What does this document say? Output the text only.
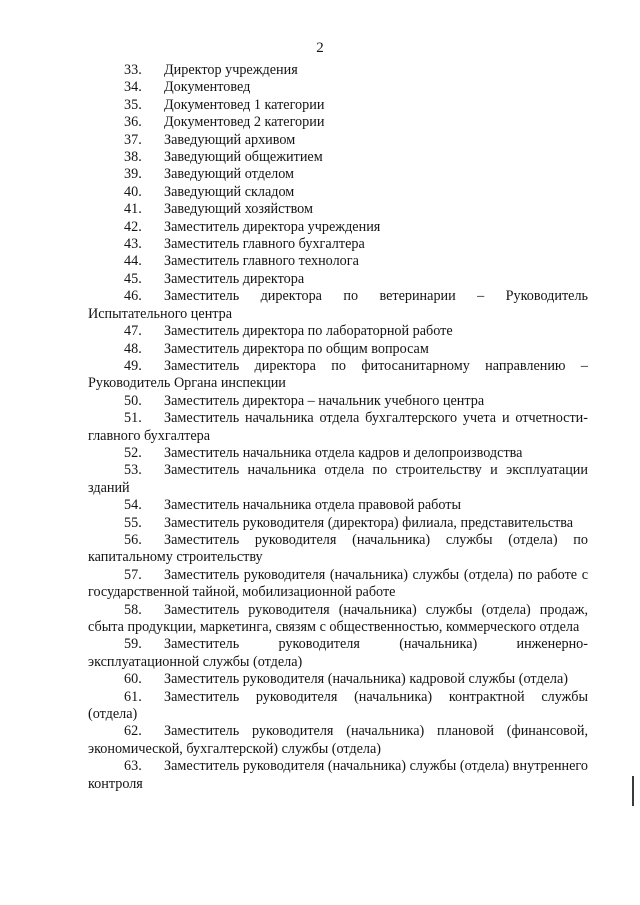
2

33. Директор учреждения

34. Документовед

35. Документовед 1 категории

36. Документовед 2 категории

37. Заведующий архивом

38. Заведующий общежитием

39. Заведующий отделом

40. Заведующий складом

41. Заведующий хозяйством

42. Заместитель директора учреждения

43. Заместитель главного бухгалтера

44. Заместитель главного технолога

45. Заместитель директора

46. Заместитель директора по ветеринарии – Руководитель Испытательного центра

47. Заместитель директора по лабораторной работе

48. Заместитель директора по общим вопросам

49. Заместитель директора по фитосанитарному направлению – Руководитель Органа инспекции

50. Заместитель директора – начальник учебного центра

51. Заместитель начальника отдела бухгалтерского учета и отчетности-главного бухгалтера

52. Заместитель начальника отдела кадров и делопроизводства

53. Заместитель начальника отдела по строительству и эксплуатации зданий

54. Заместитель начальника отдела правовой работы

55. Заместитель руководителя (директора) филиала, представительства

56. Заместитель руководителя (начальника) службы (отдела) по капитальному строительству

57. Заместитель руководителя (начальника) службы (отдела) по работе с государственной тайной, мобилизационной работе

58. Заместитель руководителя (начальника) службы (отдела) продаж, сбыта продукции, маркетинга, связям с общественностью, коммерческого отдела

59. Заместитель руководителя (начальника) инженерно-эксплуатационной службы (отдела)

60. Заместитель руководителя (начальника) кадровой службы (отдела)

61. Заместитель руководителя (начальника) контрактной службы (отдела)

62. Заместитель руководителя (начальника) плановой (финансовой, экономической, бухгалтерской) службы (отдела)

63. Заместитель руководителя (начальника) службы (отдела) внутреннего контроля
